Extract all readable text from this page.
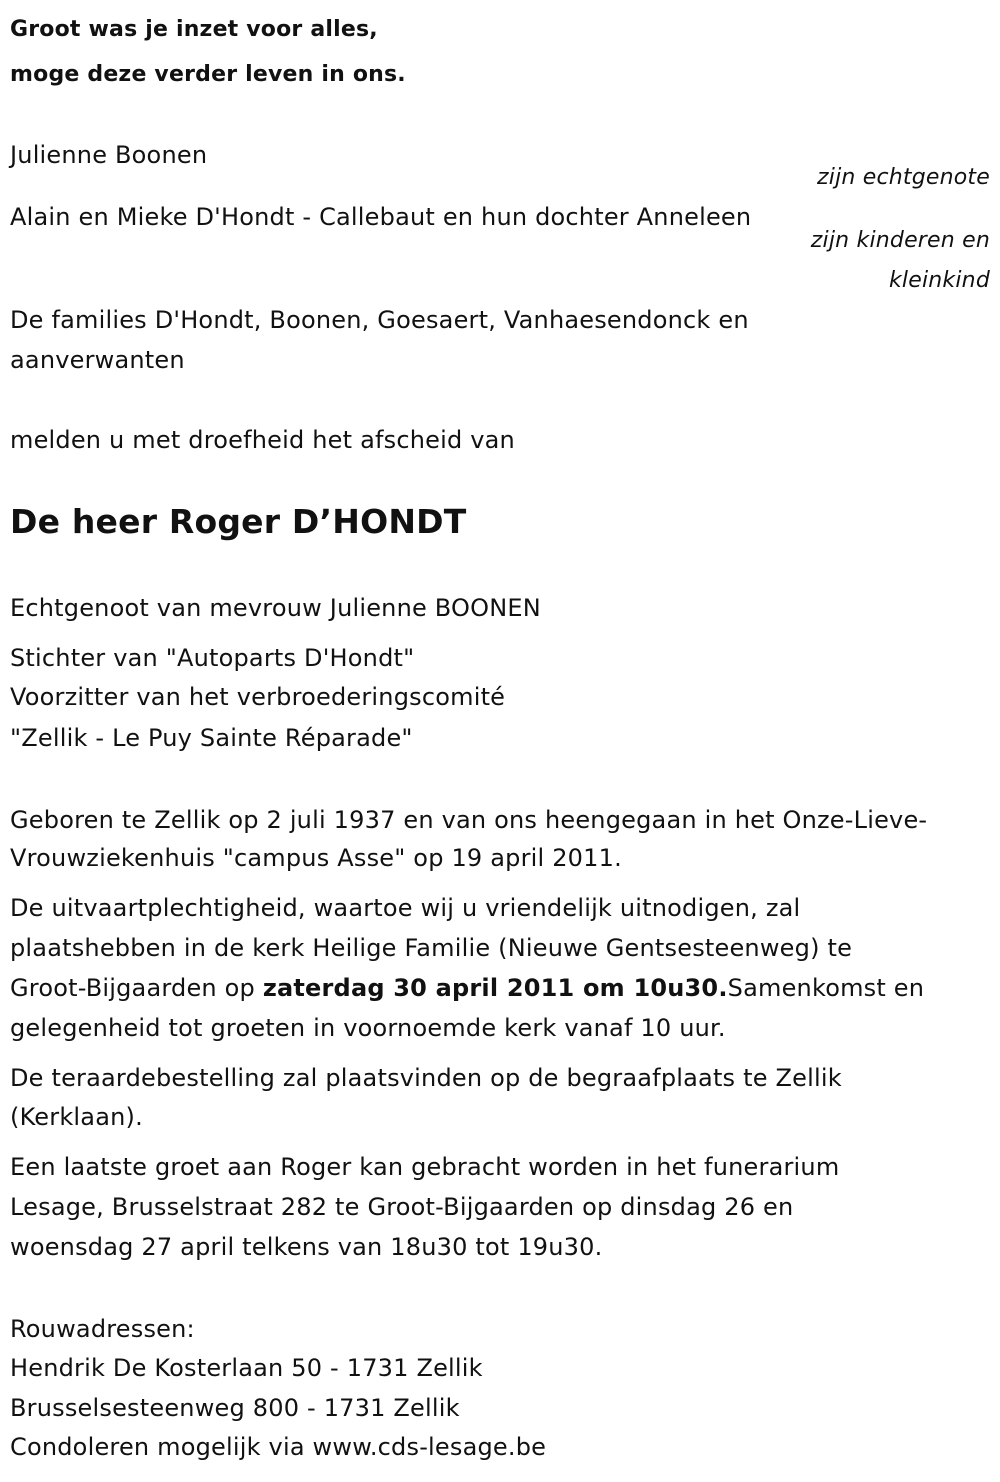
Groot was je inzet voor alles,
moge deze verder leven in ons.
Julienne Boonen
zijn echtgenote
Alain en Mieke D'Hondt - Callebaut en hun dochter Anneleen
zijn kinderen en
kleinkind
De families D'Hondt, Boonen, Goesaert, Vanhaesendonck en
aanverwanten
melden u met droefheid het afscheid van
De heer Roger D’HONDT
Echtgenoot van mevrouw Julienne BOONEN
Stichter van "Autoparts D'Hondt"
Voorzitter van het verbroederingscomité
"Zellik - Le Puy Sainte Réparade"
Geboren te Zellik op 2 juli 1937 en van ons heengegaan in het Onze-Lieve-
Vrouwziekenhuis "campus Asse" op 19 april 2011.
De uitvaartplechtigheid, waartoe wij u vriendelijk uitnodigen, zal
plaatshebben in de kerk Heilige Familie (Nieuwe Gentsesteenweg) te
Groot-Bijgaarden op zaterdag 30 april 2011 om 10u30.Samenkomst en
gelegenheid tot groeten in voornoemde kerk vanaf 10 uur.
De teraardebestelling zal plaatsvinden op de begraafplaats te Zellik
(Kerklaan).
Een laatste groet aan Roger kan gebracht worden in het funerarium
Lesage, Brusselstraat 282 te Groot-Bijgaarden op dinsdag 26 en
woensdag 27 april telkens van 18u30 tot 19u30.
Rouwadressen:
Hendrik De Kosterlaan 50 - 1731 Zellik
Brusselsesteenweg 800 - 1731 Zellik
Condoleren mogelijk via www.cds-lesage.be
